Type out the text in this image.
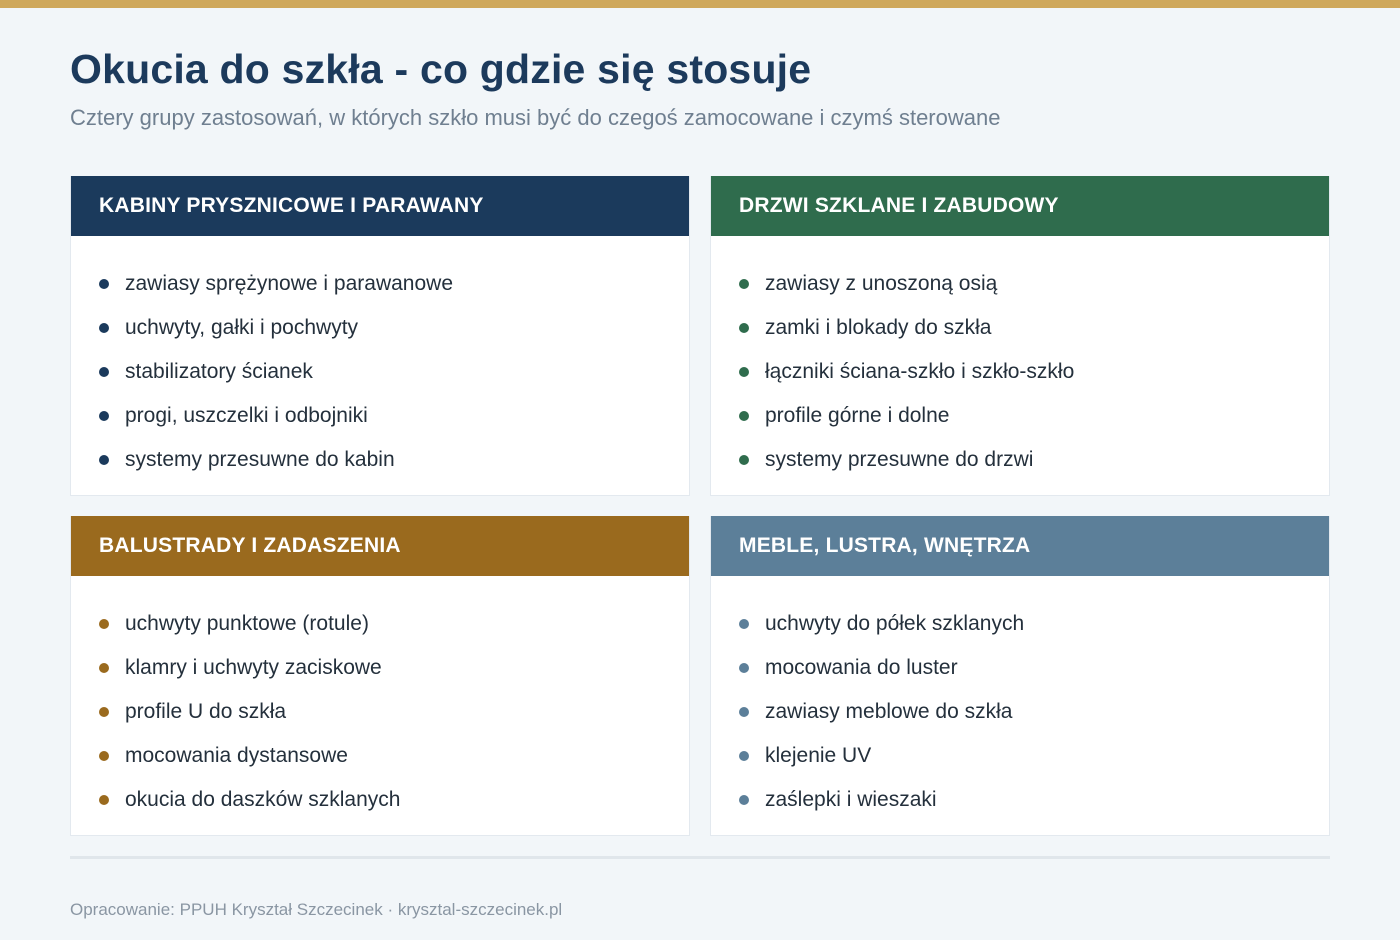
Okucia do szkła - co gdzie się stosuje
Cztery grupy zastosowań, w których szkło musi być do czegoś zamocowane i czymś sterowane
KABINY PRYSZNICOWE I PARAWANY
zawiasy sprężynowe i parawanowe
uchwyty, gałki i pochwyty
stabilizatory ścianek
progi, uszczelki i odbojniki
systemy przesuwne do kabin
DRZWI SZKLANE I ZABUDOWY
zawiasy z unoszoną osią
zamki i blokady do szkła
łączniki ściana-szkło i szkło-szkło
profile górne i dolne
systemy przesuwne do drzwi
BALUSTRADY I ZADASZENIA
uchwyty punktowe (rotule)
klamry i uchwyty zaciskowe
profile U do szkła
mocowania dystansowe
okucia do daszków szklanych
MEBLE, LUSTRA, WNĘTRZA
uchwyty do półek szklanych
mocowania do luster
zawiasy meblowe do szkła
klejenie UV
zaślepki i wieszaki
Opracowanie: PPUH Kryształ Szczecinek · krysztal-szczecinek.pl
